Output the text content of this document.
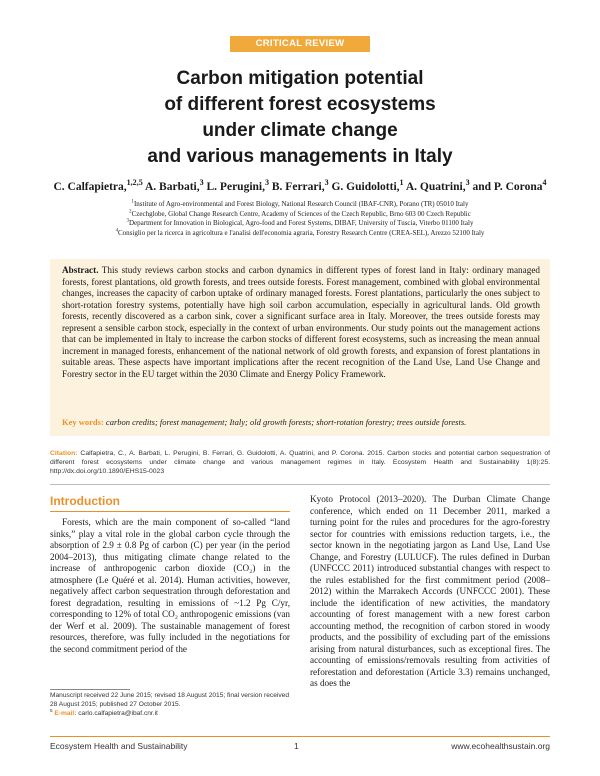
CRITICAL REVIEW
Carbon mitigation potential
of different forest ecosystems
under climate change
and various managements in Italy
C. Calfapietra,$^{1,2,5}$ A. Barbati,$^3$ L. Perugini,$^3$ B. Ferrari,$^3$ G. Guidolotti,$^1$ A. Quatrini,$^3$ and P. Corona$^4$
$^1$Institute of Agro-environmental and Forest Biology, National Research Council (IBAF-CNR), Porano (TR) 05010 Italy
$^2$Czechglobe, Global Change Research Centre, Academy of Sciences of the Czech Republic, Brno 603 00 Czech Republic
$^3$Department for Innovation in Biological, Agro-food and Forest Systems, DIBAF, University of Tuscia, Viterbo 01100 Italy
$^4$Consiglio per la ricerca in agricoltura e l'analisi dell'economia agraria, Forestry Research Centre (CREA-SEL), Arezzo 52100 Italy
Abstract. This study reviews carbon stocks and carbon dynamics in different types of forest land in Italy: ordinary managed forests, forest plantations, old growth forests, and trees outside forests. Forest management, combined with global environmental changes, increases the capacity of carbon uptake of ordinary managed forests. Forest plantations, particularly the ones subject to short-rotation forestry systems, potentially have high soil carbon accumulation, especially in agricultural lands. Old growth forests, recently discovered as a carbon sink, cover a significant surface area in Italy. Moreover, the trees outside forests may represent a sensible carbon stock, especially in the context of urban environments. Our study points out the management actions that can be implemented in Italy to increase the carbon stocks of different forest ecosystems, such as increasing the mean annual increment in managed forests, enhancement of the national network of old growth forests, and expansion of forest plantations in suitable areas. These aspects have important implications after the recent recognition of the Land Use, Land Use Change and Forestry sector in the EU target within the 2030 Climate and Energy Policy Framework.
Key words: carbon credits; forest management; Italy; old growth forests; short-rotation forestry; trees outside forests.
Citation: Calfapietra, C., A. Barbati, L. Perugini, B. Ferrari, G. Guidolotti, A. Quatrini, and P. Corona. 2015. Carbon stocks and potential carbon sequestration of different forest ecosystems under climate change and various management regimes in Italy. Ecosystem Health and Sustainability 1(8):25. http://dx.doi.org/10.1890/EHS15-0023
Introduction

Forests, which are the main component of so-called “land sinks,” play a vital role in the global carbon cycle through the absorption of 2.9 ± 0.8 Pg of carbon (C) per year (in the period 2004–2013), thus mitigating climate change related to the increase of anthropogenic carbon dioxide (CO₂) in the atmosphere (Le Quéré et al. 2014). Human activities, however, negatively affect carbon sequestration through deforestation and forest degradation, resulting in emissions of ~1.2 Pg C/yr, corresponding to 12% of total CO₂ anthropogenic emissions (van der Werf et al. 2009). The sustainable management of forest resources, therefore, was fully included in the negotiations for the second commitment period of the

Kyoto Protocol (2013–2020). The Durban Climate Change conference, which ended on 11 December 2011, marked a turning point for the rules and procedures for the agro-forestry sector for countries with emissions reduction targets, i.e., the sector known in the negotiating jargon as Land Use, Land Use Change, and Forestry (LULUCF). The rules defined in Durban (UNFCCC 2011) introduced substantial changes with respect to the rules established for the first commitment period (2008–2012) within the Marrakech Accords (UNFCCC 2001). These include the identification of new activities, the mandatory accounting of forest management with a new forest carbon accounting method, the recognition of carbon stored in woody products, and the possibility of excluding part of the emissions arising from natural disturbances, such as exceptional fires. The accounting of emissions/removals resulting from activities of reforestation and deforestation (Article 3.3) remains unchanged, as does the

Manuscript received 22 June 2015; revised 18 August 2015; final version received 28 August 2015; published 27 October 2015.
$^5$ E-mail: carlo.calfapietra@ibaf.cnr.it
Ecosystem Health and Sustainability	1	www.ecohealthsustain.org
